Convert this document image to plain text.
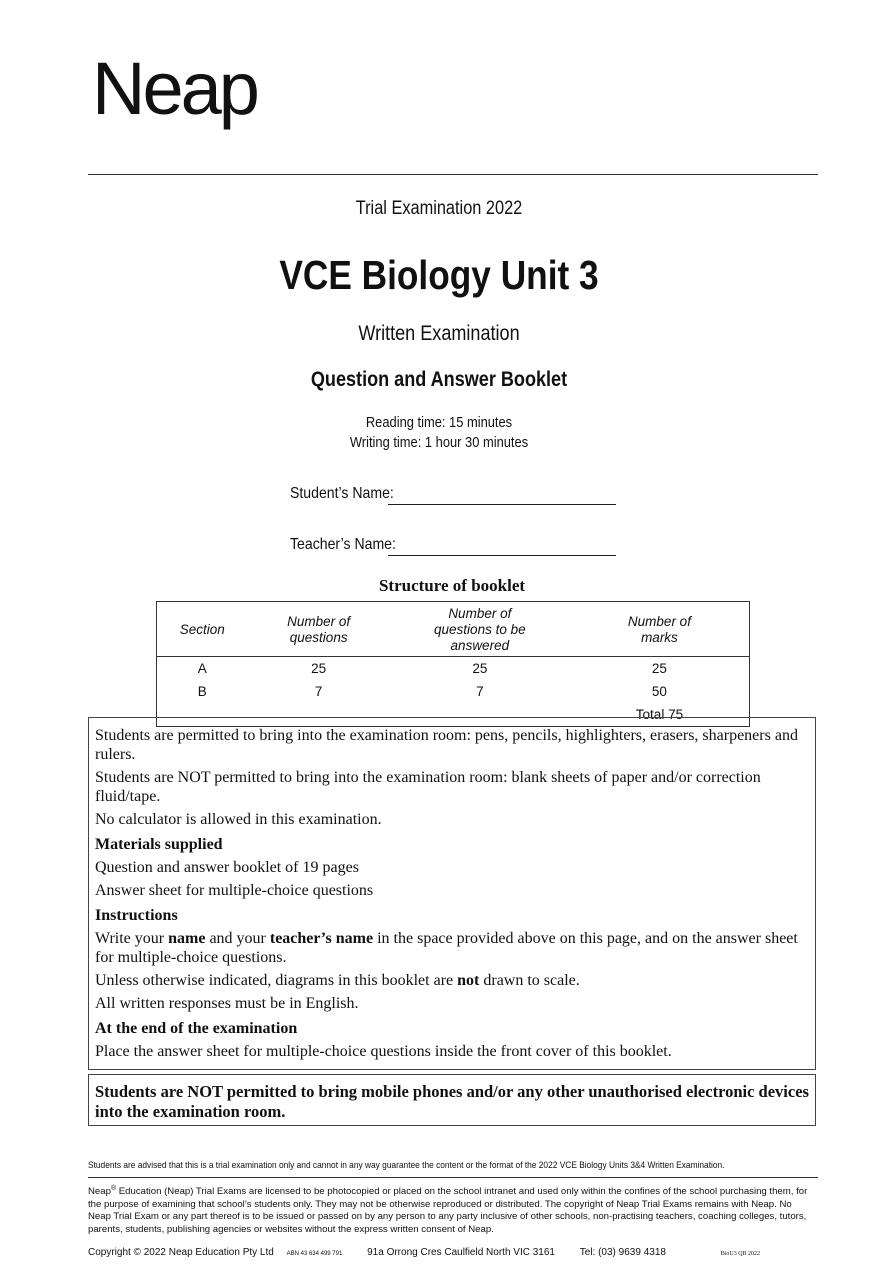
Neap
Trial Examination 2022
VCE Biology Unit 3
Written Examination
Question and Answer Booklet
Reading time: 15 minutes
Writing time: 1 hour 30 minutes
Student’s Name:
Teacher’s Name:
Structure of booklet
Section	Number of questions	Number of questions to be answered	Number of marks
A	25	25	25
B	7	7	50
			Total 75

Students are permitted to bring into the examination room: pens, pencils, highlighters, erasers, sharpeners and rulers.

Students are NOT permitted to bring into the examination room: blank sheets of paper and/or correction fluid/tape.

No calculator is allowed in this examination.

Materials supplied

Question and answer booklet of 19 pages

Answer sheet for multiple-choice questions

Instructions

Write your name and your teacher’s name in the space provided above on this page, and on the answer sheet for multiple-choice questions.

Unless otherwise indicated, diagrams in this booklet are not drawn to scale.

All written responses must be in English.

At the end of the examination

Place the answer sheet for multiple-choice questions inside the front cover of this booklet.

Students are NOT permitted to bring mobile phones and/or any other unauthorised electronic devices into the examination room.
Students are advised that this is a trial examination only and cannot in any way guarantee the content or the format of the 2022 VCE Biology Units 3&4 Written Examination.
Neap® Education (Neap) Trial Exams are licensed to be photocopied or placed on the school intranet and used only within the confines of the school purchasing them, for the purpose of examining that school’s students only. They may not be otherwise reproduced or distributed. The copyright of Neap Trial Exams remains with Neap. No Neap Trial Exam or any part thereof is to be issued or passed on by any person to any party inclusive of other schools, non-practising teachers, coaching colleges, tutors, parents, students, publishing agencies or websites without the express written consent of Neap.
Copyright © 2022 Neap Education Pty Ltd ABN 43 634 499 791 91a Orrong Cres Caulfield North VIC 3161 Tel: (03) 9639 4318	BioU3 QB 2022
